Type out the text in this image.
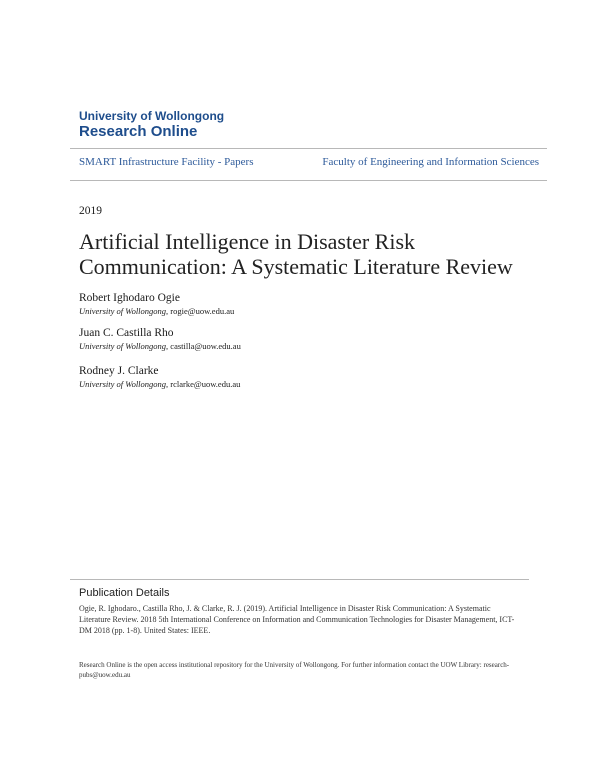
University of Wollongong
Research Online
SMART Infrastructure Facility - Papers	Faculty of Engineering and Information Sciences
2019
Artificial Intelligence in Disaster Risk Communication: A Systematic Literature Review
Robert Ighodaro Ogie
University of Wollongong, rogie@uow.edu.au
Juan C. Castilla Rho
University of Wollongong, castilla@uow.edu.au
Rodney J. Clarke
University of Wollongong, rclarke@uow.edu.au
Publication Details
Ogie, R. Ighodaro., Castilla Rho, J. & Clarke, R. J. (2019). Artificial Intelligence in Disaster Risk Communication: A Systematic Literature Review. 2018 5th International Conference on Information and Communication Technologies for Disaster Management, ICT-DM 2018 (pp. 1-8). United States: IEEE.
Research Online is the open access institutional repository for the University of Wollongong. For further information contact the UOW Library: research-pubs@uow.edu.au
